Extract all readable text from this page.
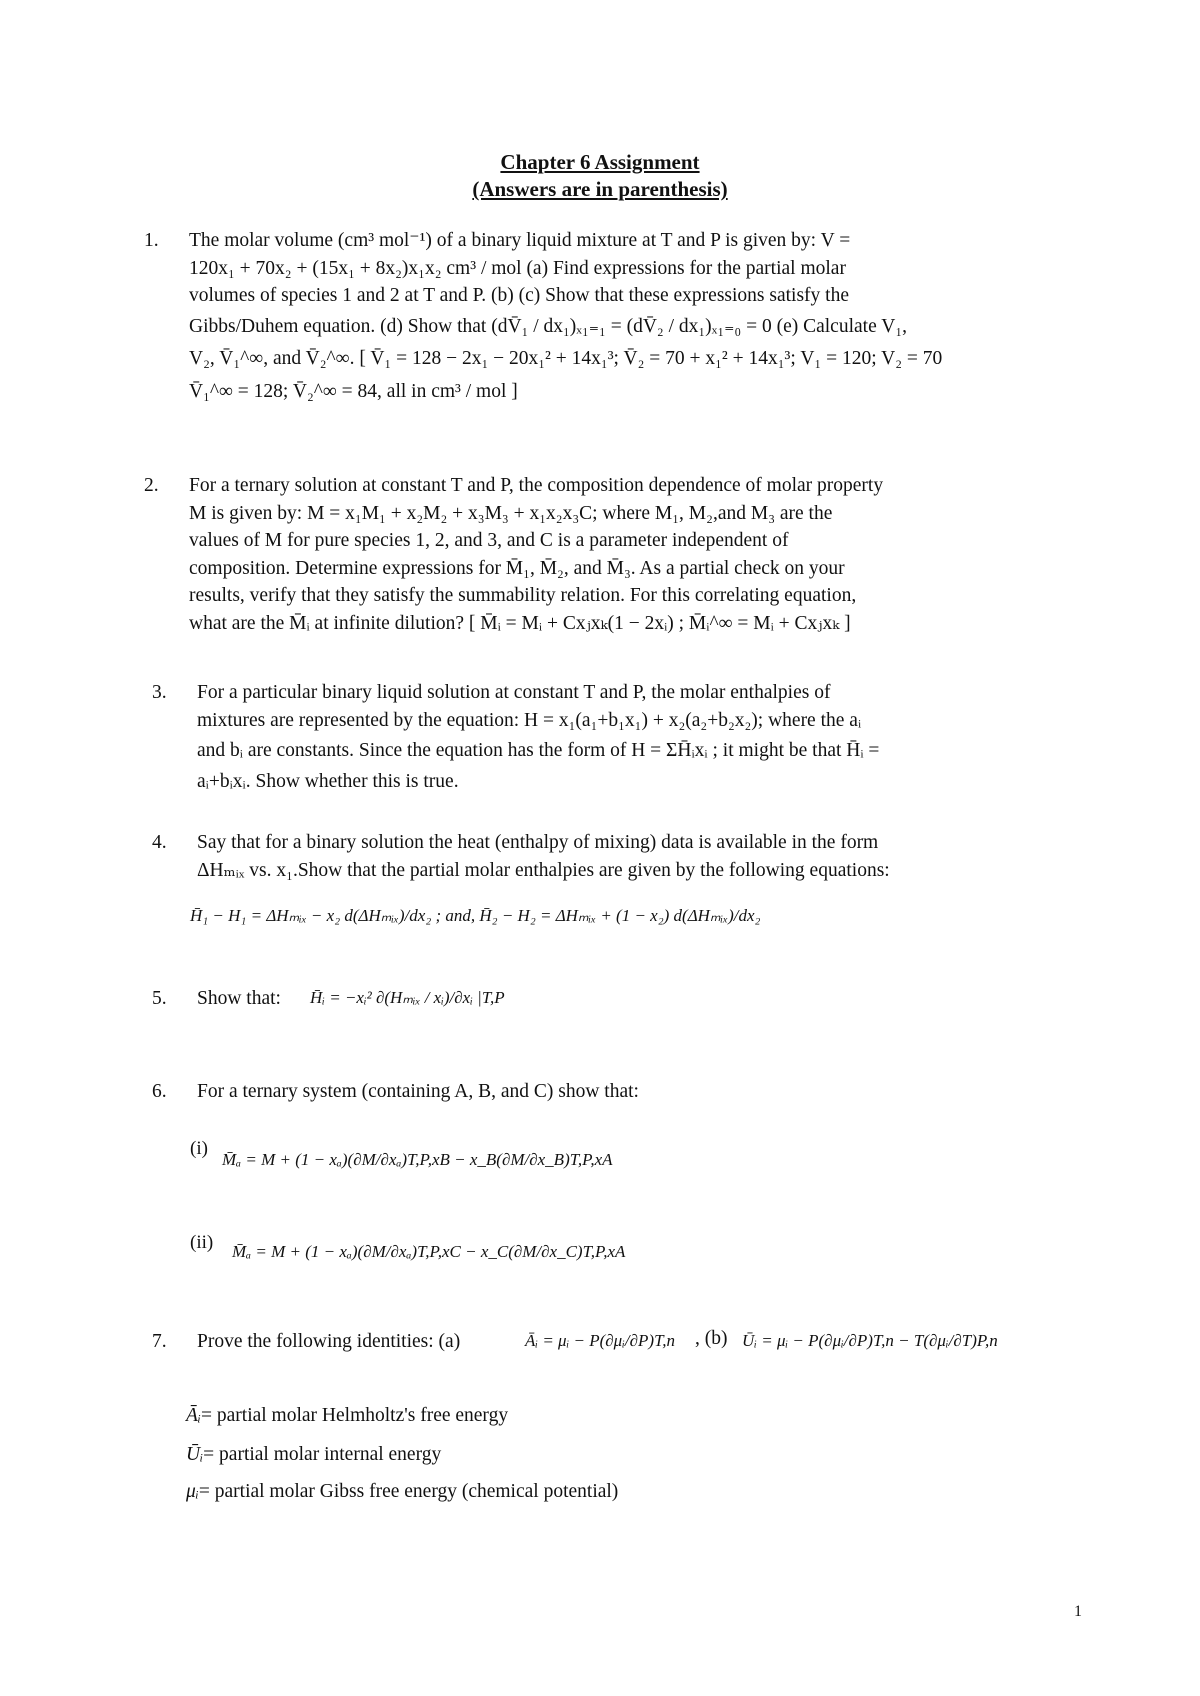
Chapter 6 Assignment
(Answers are in parenthesis)
1.	The molar volume (cm³ mol⁻¹) of a binary liquid mixture at T and P is given by: V =
120x₁ + 70x₂ + (15x₁ + 8x₂)x₁x₂ cm³ / mol (a) Find expressions for the partial molar
volumes of species 1 and 2 at T and P. (b) (c) Show that these expressions satisfy the
Gibbs/Duhem equation. (d) Show that (dV̄₁ / dx₁)ₓ₁₌₁ = (dV̄₂ / dx₁)ₓ₁₌₀ = 0 (e) Calculate V₁,
V₂, V̄₁^∞, and V̄₂^∞. [ V̄₁ = 128 − 2x₁ − 20x₁² + 14x₁³; V̄₂ = 70 + x₁² + 14x₁³; V₁ = 120; V₂ = 70
V̄₁^∞ = 128; V̄₂^∞ = 84, all in cm³ / mol ]
2.	For a ternary solution at constant T and P, the composition dependence of molar property
M is given by: M = x₁M₁ + x₂M₂ + x₃M₃ + x₁x₂x₃C; where M₁, M₂,and M₃ are the
values of M for pure species 1, 2, and 3, and C is a parameter independent of
composition. Determine expressions for M̄₁, M̄₂, and M̄₃. As a partial check on your
results, verify that they satisfy the summability relation. For this correlating equation,
what are the M̄ᵢ at infinite dilution? [ M̄ᵢ = Mᵢ + Cxⱼxₖ(1 − 2xᵢ) ; M̄ᵢ^∞ = Mᵢ + Cxⱼxₖ ]
3.	For a particular binary liquid solution at constant T and P, the molar enthalpies of
mixtures are represented by the equation: H = x₁(a₁+b₁x₁) + x₂(a₂+b₂x₂); where the aᵢ
and bᵢ are constants. Since the equation has the form of H = ΣH̄ᵢxᵢ ; it might be that H̄ᵢ =
aᵢ+bᵢxᵢ. Show whether this is true.
4.	Say that for a binary solution the heat (enthalpy of mixing) data is available in the form
ΔHₘᵢₓ vs. x₁.Show that the partial molar enthalpies are given by the following equations:
H̄₁ − H₁ = ΔHₘᵢₓ − x₂ d(ΔHₘᵢₓ)/dx₂ ; and, H̄₂ − H₂ = ΔHₘᵢₓ + (1 − x₂) d(ΔHₘᵢₓ)/dx₂
5.	Show that:	H̄ᵢ = −xᵢ² ∂(Hₘᵢₓ / xᵢ)/∂xᵢ |T,P
6.	For a ternary system (containing A, B, and C) show that:
(i)
M̄ₐ = M + (1 − xₐ)(∂M/∂xₐ)T,P,xB − x_B(∂M/∂x_B)T,P,xA
(ii) M̄ₐ = M + (1 − xₐ)(∂M/∂xₐ)T,P,xC − x_C(∂M/∂x_C)T,P,xA
7.	Prove the following identities: (a)	Āᵢ = μᵢ − P(∂μᵢ/∂P)T,n , (b) Ūᵢ = μᵢ − P(∂μᵢ/∂P)T,n − T(∂μᵢ/∂T)P,n
Āᵢ= partial molar Helmholtz's free energy
Ūᵢ= partial molar internal energy
μᵢ= partial molar Gibss free energy (chemical potential)
1
